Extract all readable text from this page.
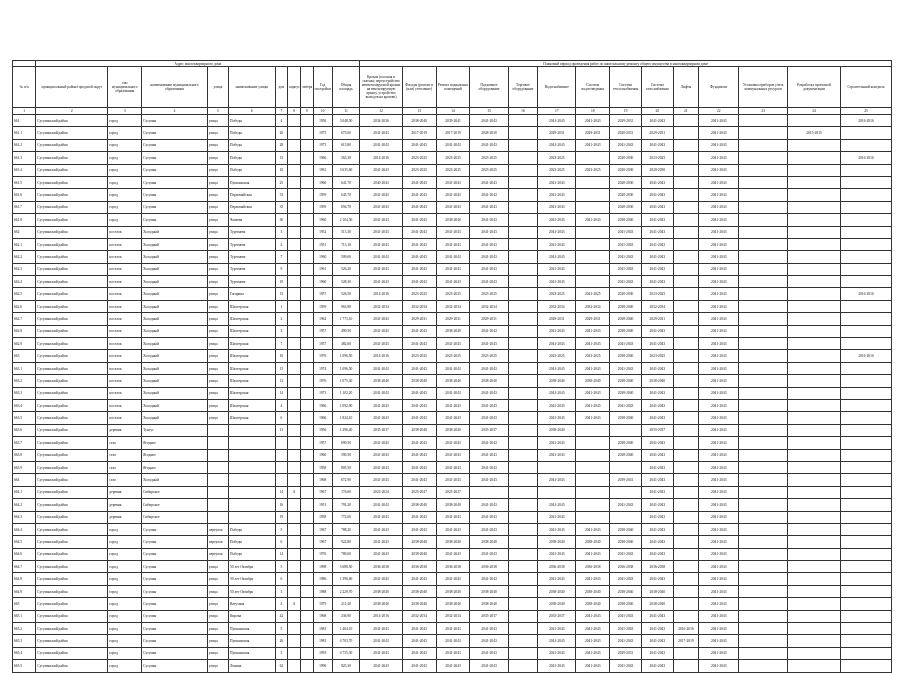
	Адрес многоквартирного дома										Плановый период проведения работ по капитальному ремонту общего имущества в многоквартирном доме													
№ п/п	муниципальный район/городской округ	тип муниципального образования	наименование муниципального образования	улица	наименование улицы	дом	корпус	литера	Год постройки	Общая площадь	Кровля (плоская и скатная; переустройство невентилируемой крыши на вентилируемую крышу, устройство выходов на кровлю)	Фасады (ремонт и (или) утепление)	Ремонт подвальных помещений	Подъемное оборудование	Торговое оборудование	Водоснабжение	Система водоотведения	Система теплоснабжения	Система газоснабжения	Лифты	Фундамент	Установка приборов учета коммунальных ресурсов	Разработка проектной документации	Строительный контроль
1	2	3	4	5	6	7	8	9	10	11	12	13	14	15	16	17	18	19	20	21	22	23	24	25
661	Сусуманский район	город	Сусуман	улица	Победы	4			1956	3 048,50	2034-2036	2038-2040	2039-2041	2041-2043		2041-2043	2041-2043	2029-2031	2041-2043		2041-2043			2016-2016
661.1	Сусуманский район	город	Сусуман	улица	Победы	26			1975	675,60	2041-2043	2017-2019	2017-2019	2028-2030		2029-2031	2029-2031	2020-2031	2029-2031		2041-2043		2015-2015	
661.2	Сусуманский район	город	Сусуман	улица	Победы	28			1975	615,80	2041-2043	2041-2043	2041-2043	2041-2043		2041-2043	2041-2043	2041-2043	2041-2043		2041-2043			
661.3	Сусуманский район	город	Сусуман	улица	Победы	15			1966	563,30	2014-2016	2023-2025	2023-2025	2023-2025		2023-2025		2020-2030	2023-2025		2041-2043			2016-2016
661.4	Сусуманский район	город	Сусуман	улица	Победы	10			1961	3 635,60	2041-2043	2023-2025	2023-2025	2023-2025		2023-2025	2023-2025	2020-2030	2020-2030		2041-2043			
661.5	Сусуманский район	город	Сусуман	улица	Пушкинская	25			1960	641,70	2040-2043	2041-2043	2041-2043	2041-2043		2041-2043		2020-2030	2041-2043		2041-2043			
661.6	Сусуманский район	город	Сусуман	улица	Первомайская	33			1959	645,70	2041-2043	2041-2043	2041-2043	2041-2043		2041-2043		2020-2030	2041-2043		2041-2043			
661.7	Сусуманский район	город	Сусуман	улица	Первомайская	35			1959	656,70	2041-2043	2041-2043	2041-2043	2041-2043		2041-2043		2020-2030	2041-2043		2041-2043			
661.8	Сусуманский район	город	Сусуман	улица	Чапаева	30			1960	2 104,50	2041-2043	2041-2043	2038-2040	2041-2043		2041-2043	2041-2043	2038-2040	2041-2043		2041-2043			
662	Сусуманский район	поселок	Холодный	улица	Тургенева	3			1952	513,30	2041-2043	2041-2043	2041-2043	2041-2043		2041-2043		2041-2043	2041-2043		2041-2043			
662.1	Сусуманский район	поселок	Холодный	улица	Тургенева	4			1951	713,10	2041-2043	2041-2043	2041-2043	2041-2043		2041-2043		2041-2043	2041-2043		2041-2043			
662.2	Сусуманский район	поселок	Холодный	улица	Тургенева	7			1960	509,60	2041-2043	2041-2043	2041-2043	2041-2043		2041-2043		2041-2043	2041-2043		2041-2043			
662.3	Сусуманский район	поселок	Холодный	улица	Тургенева	9			1961	526,20	2041-2043	2041-2043	2041-2043	2041-2043		2041-2043		2041-2043	2041-2043		2041-2043			
662.4	Сусуманский район	поселок	Холодный	улица	Тургенева	10			1960	528,30	2041-2043	2041-2043	2041-2043	2041-2043		2041-2043		2041-2043	2041-2043		2041-2043			
662.5	Сусуманский район	поселок	Холодный	улица	Гагарина	15			1957	526,50	2014-2016	2023-2025	2023-2025	2023-2025		2023-2025	2023-2025	2020-2030	2023-2025		2041-2043			2016-2016
662.6	Сусуманский район	поселок	Холодный	улица	Шахтерская	1			1959	963,90	2032-2034	2032-2034	2032-2034	2032-2034		2032-2034	2032-2034	2038-2040	2032-2034		2041-2043			
662.7	Сусуманский район	поселок	Холодный	улица	Шахтерская	2			1962	1 773,10	2041-2043	2029-2031	2029-2031	2029-2031		2029-2031	2029-2031	2038-2040	2029-2031		2041-2043			
662.8	Сусуманский район	поселок	Холодный	улица	Шахтерская	3			1957	490,50	2041-2043	2041-2043	2038-2040	2041-2043		2041-2043	2041-2043	2038-2040	2041-2043		2041-2043			
662.9	Сусуманский район	поселок	Холодный	улица	Шахтерская	7			1957	482,60	2041-2043	2041-2043	2041-2043	2041-2043		2041-2043	2041-2043	2041-2043	2041-2043		2041-2043			
663	Сусуманский район	поселок	Холодный	улица	Шахтерская	10			1976	1 096,50	2014-2016	2023-2025	2023-2025	2023-2025		2023-2025	2023-2025	2038-2040	2023-2025		2041-2043			2016-2016
663.1	Сусуманский район	поселок	Холодный	улица	Шахтерская	15			1974	1 096,50	2041-2043	2041-2043	2041-2043	2041-2043		2041-2043	2041-2043	2041-2043	2041-2043		2041-2043			
663.2	Сусуманский район	поселок	Холодный	улица	Шахтерская	12			1976	1 075,30	2038-2040	2038-2040	2038-2040	2038-2040		2038-2040	2038-2040	2038-2040	2038-2040		2041-2043			
663.3	Сусуманский район	поселок	Холодный	улица	Шахтерская	14			1973	1 102,20	2041-2043	2041-2043	2041-2043	2041-2043		2041-2043	2041-2043	2038-2040	2041-2043		2041-2043			
663.4	Сусуманский район	поселок	Холодный	улица	Шахтерская	4			1966	1 092,90	2041-2043	2041-2043	2041-2043	2041-2043		2041-2043	2041-2043	2041-2043	2041-2043		2041-2043			
663.5	Сусуманский район	поселок	Холодный	улица	Шахтерская	6			1966	1 824,10	2041-2043	2041-2043	2041-2043	2041-2043		2041-2043	2041-2043	2038-2040	2041-2043		2041-2043			
663.6	Сусуманский район	деревня	Тунгус			11			1956	1 296,40	2035-2037	2038-2040	2038-2040	2035-2037		2038-2040			2035-2037		2041-2043			
663.7	Сусуманский район	село	Ягодное						1957	690,50	2041-2043	2041-2043	2041-2043	2041-2043		2041-2043		2038-2040	2041-2043		2041-2043			
663.8	Сусуманский район	село	Ягодное						1960	590,50	2041-2043	2041-2043	2041-2043	2041-2043		2041-2043		2038-2040	2041-2043		2041-2043			
663.9	Сусуманский район	село	Ягодное						1958	805,50	2041-2043	2041-2043	2041-2043	2041-2043					2041-2043		2041-2043			
664	Сусуманский район	село	Холодный						1968	672,90	2041-2043	2041-2043	2041-2043	2041-2043		2041-2043		2039-2041	2041-2043		2041-2043			
664.1	Сусуманский район	деревня	Сибирское			14	А		1967	176,60	2022-2024	2025-2027	2025-2027						2041-2043		2041-2043			
664.2	Сусуманский район	деревня	Сибирское			16			1951	791,20	2041-2043	2038-2040	2038-2040	2041-2043		2041-2043		2041-2043	2041-2043		2041-2043			
664.3	Сусуманский район	деревня	Сибирское			19			1958	772,60	2041-2043	2041-2043	2041-2043	2041-2043		2041-2043			2041-2043		2041-2043			
664.4	Сусуманский район	город	Сусуман	переулок	Победы	5			1967	788,20	2041-2043	2041-2043	2041-2043	2041-2043		2041-2043	2041-2043	2038-2040	2041-2043		2041-2043			
664.5	Сусуманский район	город	Сусуман	переулок	Победы	6			1967	922,80	2041-2043	2038-2040	2038-2040	2038-2040		2038-2040	2038-2040	2038-2040	2041-2043		2041-2043			
664.6	Сусуманский район	город	Сусуман	переулок	Победы	14			1976	780,60	2041-2043	2038-2040	2041-2043	2041-2043		2041-2043	2041-2043	2041-2043	2041-2043		2041-2043			
664.7	Сусуманский район	город	Сусуман	улица	50 лет Октября	5			1998	3 688,50	2036-2038	2036-2038	2036-2038	2036-2038		2036-2038	2036-2038	2036-2038	2036-2038		2041-2043			
664.8	Сусуманский район	город	Сусуман	улица	50 лет Октября	6			1986	1 396,60	2041-2043	2041-2043	2041-2043	2041-2043		2041-2043	2041-2043	2041-2043	2041-2043		2041-2043			
664.9	Сусуманский район	город	Сусуман	улица	50 лет Октября	3			1988	2 229,70	2038-2040	2038-2040	2038-2040	2038-2040		2038-2040	2038-2040	2038-2040	2038-2040		2041-2043			
665	Сусуманский район	город	Сусуман	улица	Ватутина	4	А		1979	211,40	2038-2040	2038-2040	2038-2040	2038-2040		2038-2040	2038-2040	2038-2040	2038-2040		2041-2043			
665.1	Сусуманский район	город	Сусуман	улица	Кирова	42			1968	236,90	2014-2016	2032-2034	2032-2034	2035-2037		2035-2037	2041-2043	2041-2043	2041-2043		2041-2043			
665.2	Сусуманский район	город	Сусуман	улица	Пушкинская	5			1981	1 464,10	2041-2043	2041-2043	2041-2043	2041-2043		2041-2043	2041-2043	2041-2043	2041-2043	2016-2016	2041-2043			
665.3	Сусуманский район	город	Сусуман	улица	Пушкинская	26			1981	4 703,70	2041-2043	2041-2043	2041-2043	2041-2043		2041-2043	2041-2043	2041-2043	2041-2043	2017-2019	2041-2043			
665.4	Сусуманский район	город	Сусуман	улица	Пушкинская	3			1993	4 755,30	2041-2043	2041-2043	2041-2043	2041-2043		2041-2043	2041-2043	2029-2031	2041-2043		2041-2043			
665.5	Сусуманский район	город	Сусуман	улица	Ленина	62			1996	825,30	2041-2043	2041-2043	2041-2043	2041-2043		2041-2043	2041-2043	2041-2043	2041-2043		2041-2043			
